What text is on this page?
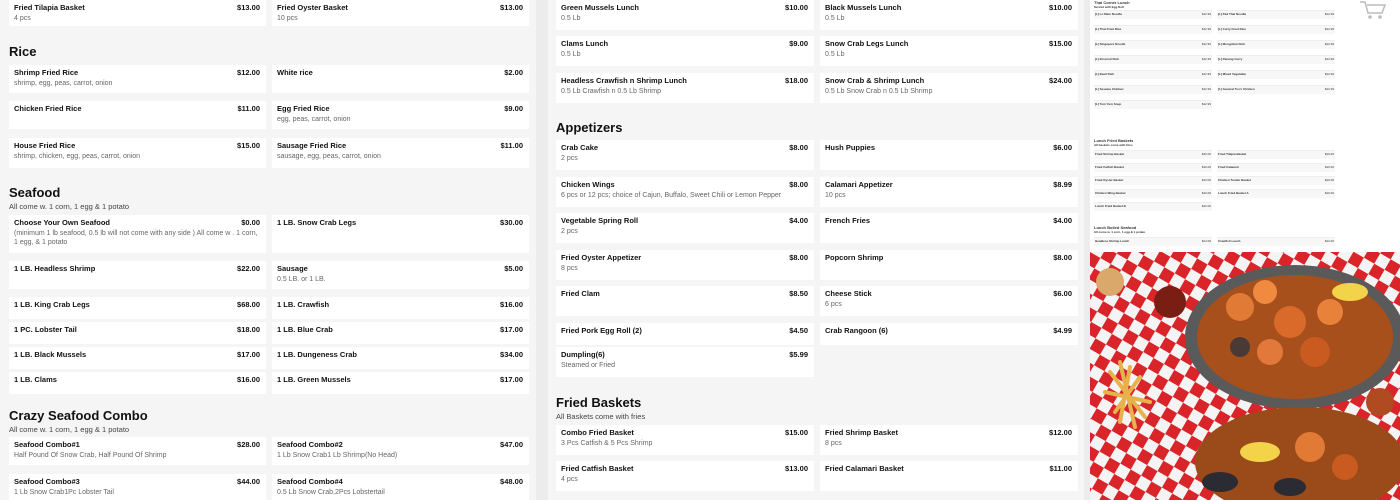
Fried Tilapia Basket	$13.00
4 pcs
Fried Oyster Basket	$13.00
10 pcs
Rice
Seafood
All come w. 1 corn, 1 egg & 1 potato
Crazy Seafood Combo
All come w. 1 corn, 1 egg & 1 potato
Shrimp Fried Rice	$12.00
shrimp, egg, peas, carrot, onion
White rice	$2.00
Chicken Fried Rice	$11.00 Egg Fried Rice	$9.00
egg, peas, carrot, onion
House Fried Rice	$15.00
shrimp, chicken, egg, peas, carrot, onion
Sausage Fried Rice	$11.00
sausage, egg, peas, carrot, onion
Choose Your Own Seafood	$0.00
(minimum 1 lb seafood, 0.5 lb will not come with any side ) All come w . 1 corn, 1 egg, & 1 potato
1 LB. Snow Crab Legs	$30.00
1 LB. Headless Shrimp	$22.00 Sausage	$5.00
0.5 LB. or 1 LB.
1 LB. King Crab Legs	$68.00 1 LB. Crawfish	$16.00
1 PC. Lobster Tail	$18.00 1 LB. Blue Crab	$17.00
1 LB. Black Mussels	$17.00 1 LB. Dungeness Crab	$34.00
1 LB. Clams	$16.00 1 LB. Green Mussels	$17.00
Seafood Combo#1	$28.00
Half Pound Of Snow Crab, Half Pound Of Shrimp
Seafood Combo#2	$47.00
1 Lb Snow Crab1 Lb Shrimp(No Head)
Seafood Combo#3	$44.00
1 Lb Snow Crab1Pc Lobster Tail
Seafood Combo#4	$48.00
0.5 Lb Snow Crab,2Pcs Lobstertail
Appetizers
Fried Baskets
All Baskets come with fries
Green Mussels Lunch	$10.00
0.5 Lb
Black Mussels Lunch	$10.00
0.5 Lb
Clams Lunch	$9.00
0.5 Lb
Snow Crab Legs Lunch	$15.00
0.5 Lb
Headless Crawfish n Shrimp Lunch	$18.00
0.5 Lb Crawfish n 0.5 Lb Shrimp
Snow Crab & Shrimp Lunch	$24.00
0.5 Lb Snow Crab n 0.5 Lb Shrimp
Crab Cake	$8.00
2 pcs
Hush Puppies	$6.00
Chicken Wings	$8.00
6 pcs or 12 pcs; choice of Cajun, Buffalo, Sweet Chili or Lemon Pepper
Calamari Appetizer	$8.99
10 pcs
Vegetable Spring Roll	$4.00
2 pcs
French Fries	$4.00
Fried Oyster Appetizer	$8.00
8 pcs
Popcorn Shrimp	$8.00
Fried Clam	$8.50 Cheese Stick	$6.00
6 pcs
Fried Pork Egg Roll (2)	$4.50 Crab Rangoon (6)	$4.99
Dumpling(6)	$5.99
Steamed or Fried
Combo Fried Basket	$15.00
3 Pcs Catfish & 5 Pcs Shrimp
Fried Shrimp Basket	$12.00
8 pcs
Fried Catfish Basket	$13.00
4 pcs
Fried Calamari Basket	$11.00
Thai Corner Lunch
Served with Egg Roll
[L] Lo Mein Noodle	$12.99 [L] Pad Thai Noodle	$12.99
[L] Thai Fried Rice	$12.99 [L] Curry Fried Rice	$12.99
[L] Singapore Noodle	$12.99 [L] Mongolian Dish	$12.99
[L] Broccoli Dish	$12.99 [L] Panang Curry	$12.99
[L] Basil Dish	$12.99 [L] Mixed Vegetable	$12.99
[L] Sesame Chicken	$12.99 [L] General Tso's Chicken	$12.99
[L] Tom Yum Soup	$12.99
Lunch Fried Baskets
All baskets come with fries
Fried Shrimp Basket	$10.00 Fried Tilapia Basket	$10.00
Fried Catfish Basket	$10.00 Fried Calamari	$10.00
Fried Oyster Basket	$10.00 Chicken Tender Basket	$10.00
Chicken Wing Basket	$10.00 Lunch Fried Basket A	$10.00
Lunch Fried Basket B	$10.00
Lunch Boiled Seafood
All come w. 1 corn, 1 egg & 1 potato
Headless Shrimp Lunch	$14.00 Crawfish Lunch	$12.00
